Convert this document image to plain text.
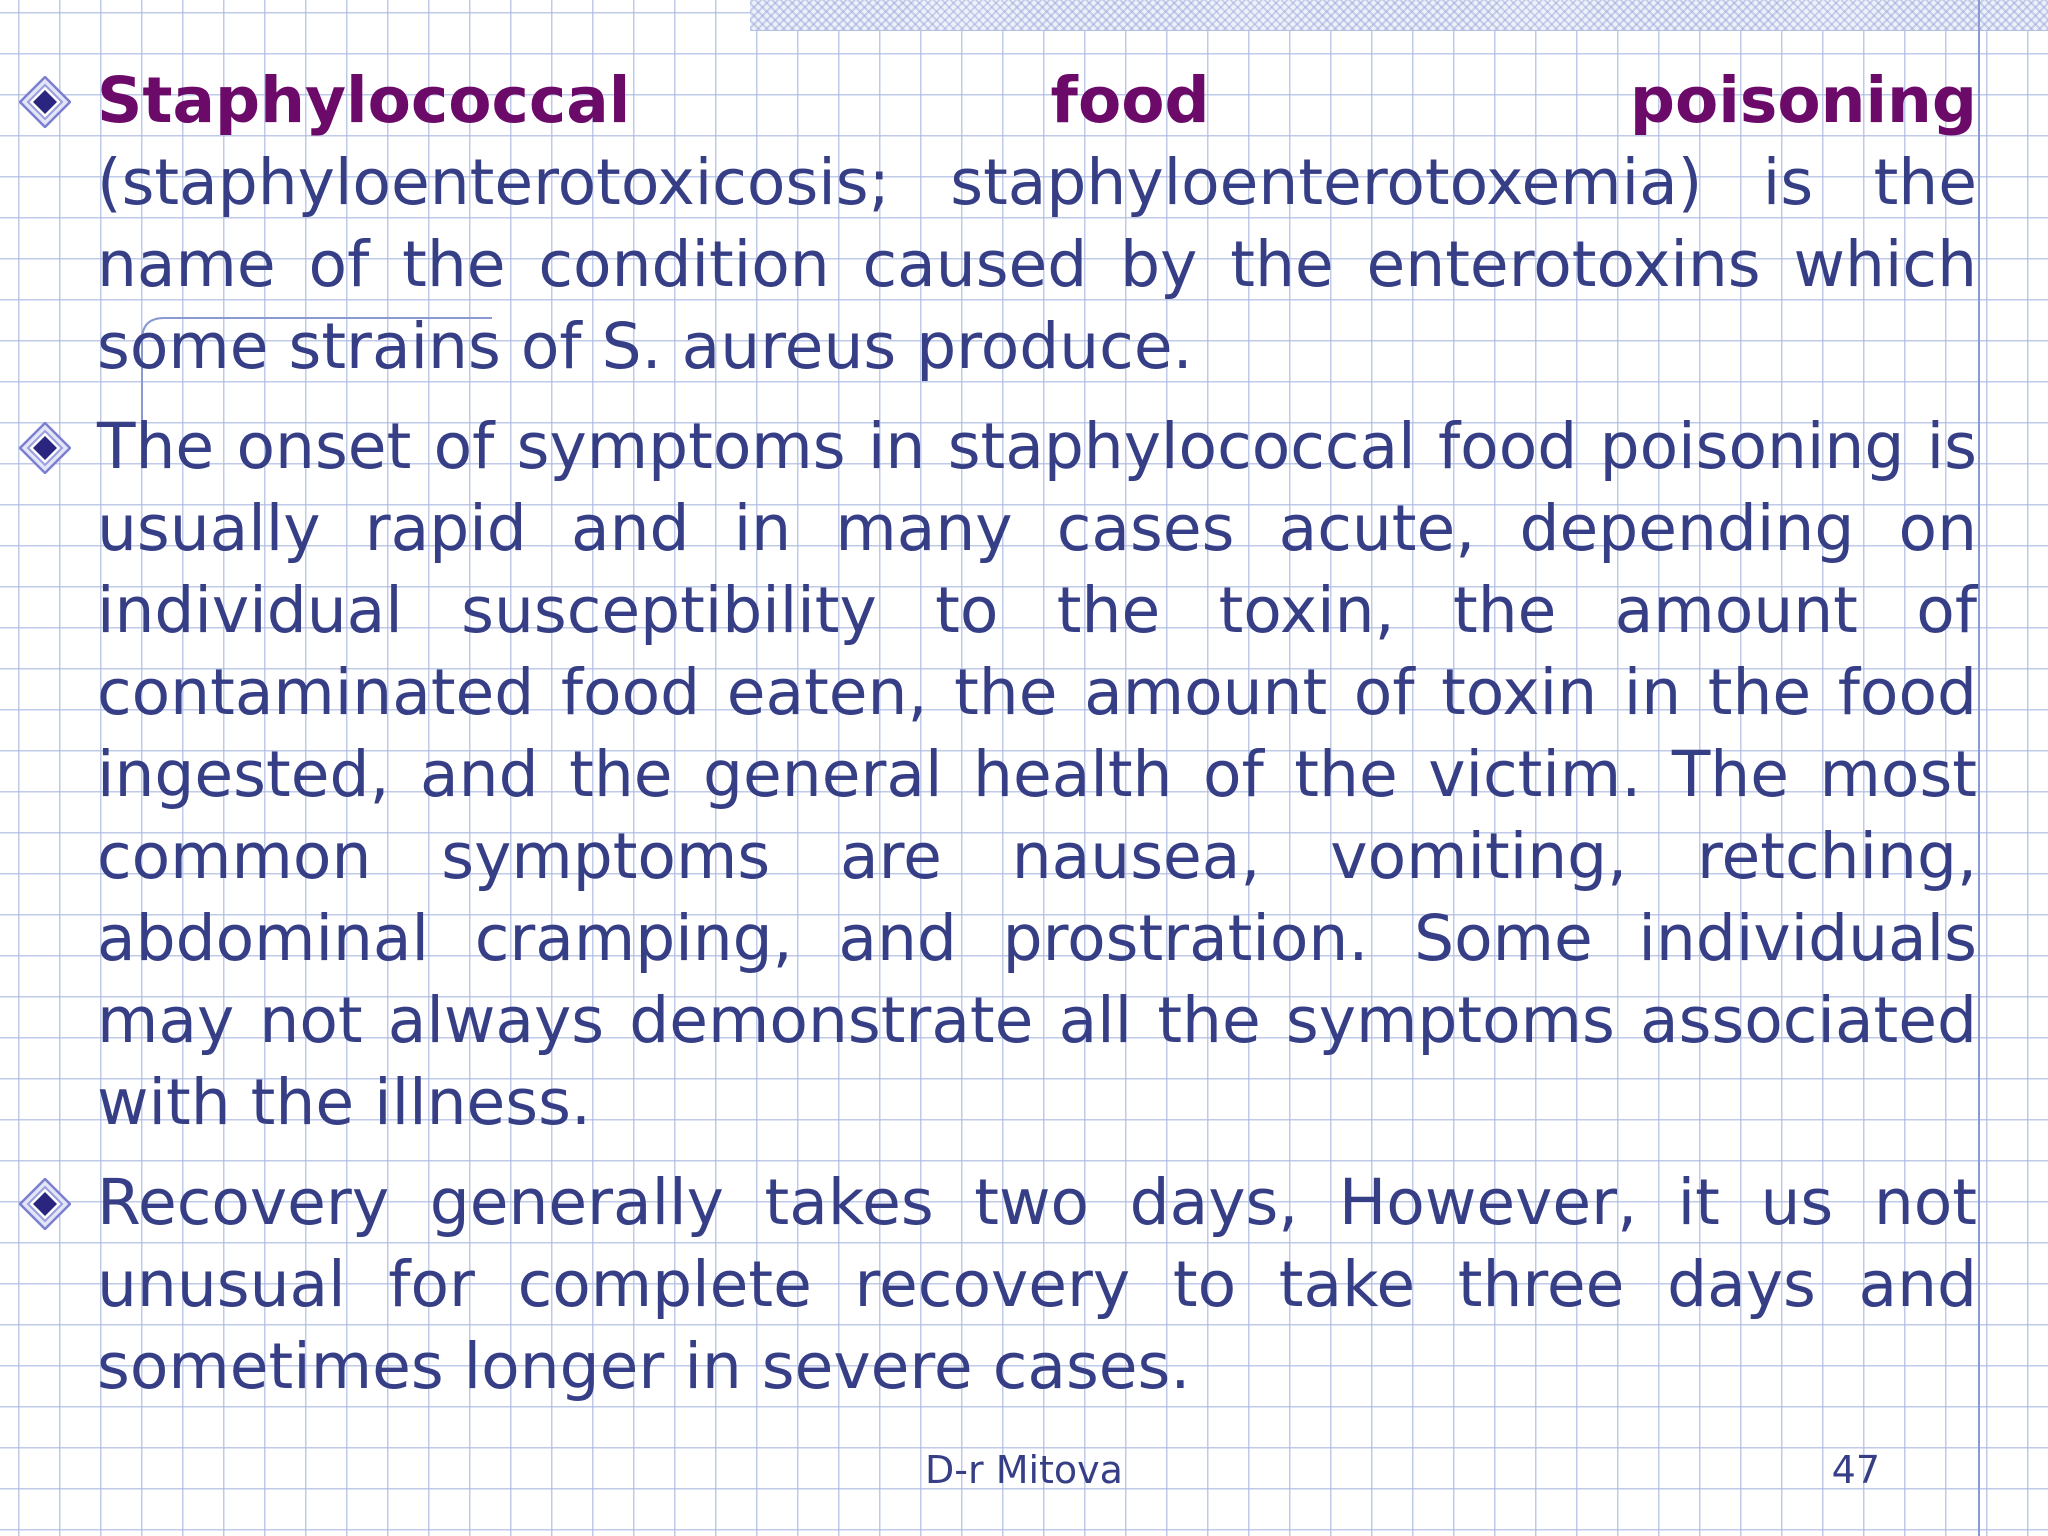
Staphylococcal food poisoning (staphyloenterotoxicosis; staphyloenterotoxemia) is the name of the condition caused by the enterotoxins which some strains of S. aureus produce.
The onset of symptoms in staphylococcal food poisoning is usually rapid and in many cases acute, depending on individual susceptibility to the toxin, the amount of contaminated food eaten, the amount of toxin in the food ingested, and the general health of the victim. The most common symptoms are nausea, vomiting, retching, abdominal cramping, and prostration. Some individuals may not always demonstrate all the symptoms associated with the illness.
Recovery generally takes two days, However, it us not unusual for complete recovery to take three days and sometimes longer in severe cases.
D-r Mitova	47
